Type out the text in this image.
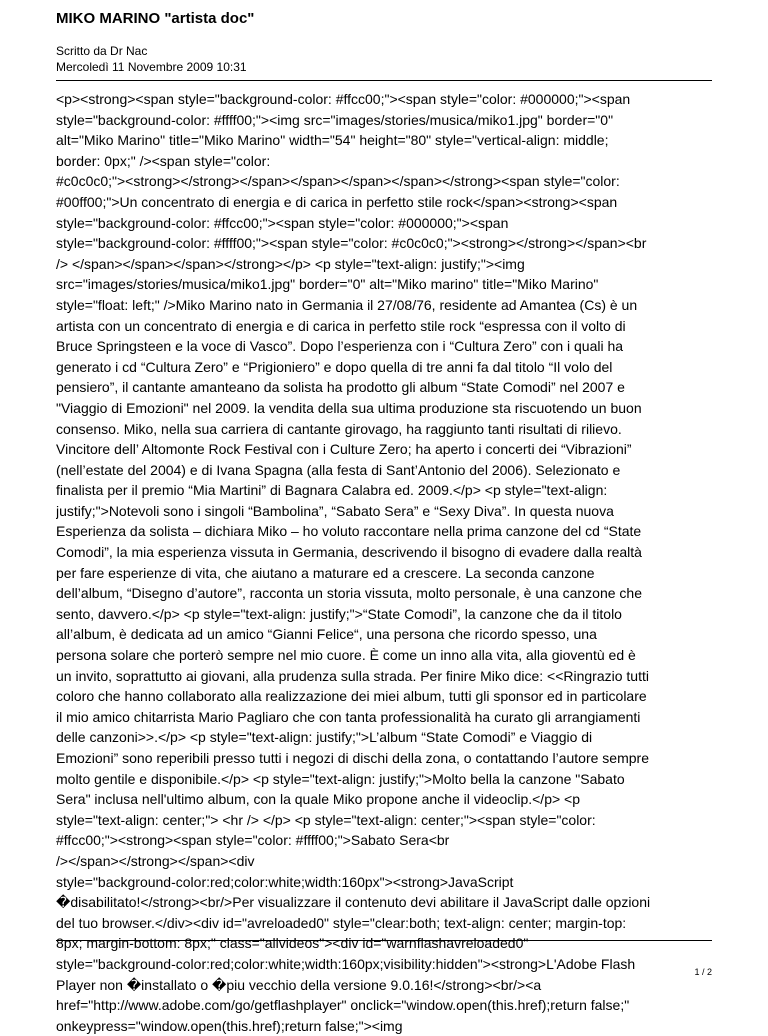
MIKO MARINO "artista doc"
Scritto da Dr Nac
Mercoledì 11 Novembre 2009 10:31
<p><strong><span style="background-color: #ffcc00;"><span style="color: #000000;"><span
style="background-color: #ffff00;"><img src="images/stories/musica/miko1.jpg" border="0"
alt="Miko Marino" title="Miko Marino" width="54" height="80" style="vertical-align: middle;
border: 0px;" /><span style="color:
#c0c0c0;"><strong></strong></span></span></span></span></strong><span style="color:
#00ff00;">Un concentrato di energia e di carica in perfetto stile rock</span><strong><span
style="background-color: #ffcc00;"><span style="color: #000000;"><span
style="background-color: #ffff00;"><span style="color: #c0c0c0;"><strong></strong></span><br
/> </span></span></span></strong></p> <p style="text-align: justify;"><img
src="images/stories/musica/miko1.jpg" border="0" alt="Miko marino" title="Miko Marino"
style="float: left;" />Miko Marino nato in Germania il 27/08/76, residente ad Amantea (Cs) è un
artista con un concentrato di energia e di carica in perfetto stile rock “espressa con il volto di
Bruce Springsteen e la voce di Vasco”. Dopo l’esperienza con i “Cultura Zero” con i quali ha
generato i cd “Cultura Zero” e “Prigioniero” e dopo quella di tre anni fa dal titolo “Il volo del
pensiero”, il cantante amanteano da solista ha prodotto gli album “State Comodi” nel 2007 e
"Viaggio di Emozioni" nel 2009. la vendita della sua ultima produzione sta riscuotendo un buon
consenso. Miko, nella sua carriera di cantante girovago, ha raggiunto tanti risultati di rilievo.
Vincitore dell’ Altomonte Rock Festival con i Culture Zero; ha aperto i concerti dei “Vibrazioni”
(nell’estate del 2004) e di Ivana Spagna (alla festa di Sant’Antonio del 2006). Selezionato e
finalista per il premio “Mia Martini” di Bagnara Calabra ed. 2009.</p> <p style="text-align:
justify;">Notevoli sono i singoli “Bambolina”, “Sabato Sera” e “Sexy Diva”. In questa nuova
Esperienza da solista – dichiara Miko – ho voluto raccontare nella prima canzone del cd “State
Comodi”, la mia esperienza vissuta in Germania, descrivendo il bisogno di evadere dalla realtà
per fare esperienze di vita, che aiutano a maturare ed a crescere. La seconda canzone
dell’album, “Disegno d’autore”, racconta un storia vissuta, molto personale, è una canzone che
sento, davvero.</p> <p style="text-align: justify;">“State Comodi”, la canzone che da il titolo
all’album, è dedicata ad un amico “Gianni Felice“, una persona che ricordo spesso, una
persona solare che porterò sempre nel mio cuore. È come un inno alla vita, alla gioventù ed è
un invito, soprattutto ai giovani, alla prudenza sulla strada. Per finire Miko dice: <<Ringrazio tutti
coloro che hanno collaborato alla realizzazione dei miei album, tutti gli sponsor ed in particolare
il mio amico chitarrista Mario Pagliaro che con tanta professionalità ha curato gli arrangiamenti
delle canzoni>>.</p> <p style="text-align: justify;">L’album “State Comodi” e Viaggio di
Emozioni” sono reperibili presso tutti i negozi di dischi della zona, o contattando l’autore sempre
molto gentile e disponibile.</p> <p style="text-align: justify;">Molto bella la canzone "Sabato
Sera" inclusa nell'ultimo album, con la quale Miko propone anche il videoclip.</p> <p
style="text-align: center;"> <hr /> </p> <p style="text-align: center;"><span style="color:
#ffcc00;"><strong><span style="color: #ffff00;">Sabato Sera<br
/></span></strong></span><div
style="background-color:red;color:white;width:160px"><strong>JavaScript
�disabilitato!</strong><br/>Per visualizzare il contenuto devi abilitare il JavaScript dalle opzioni
del tuo browser.</div><div id="avreloaded0" style="clear:both; text-align: center; margin-top:
8px; margin-bottom: 8px;" class="allvideos"><div id="warnflashavreloaded0"
style="background-color:red;color:white;width:160px;visibility:hidden"><strong>L'Adobe Flash
Player non �installato o �piu vecchio della versione 9.0.16!</strong><br/><a
href="http://www.adobe.com/go/getflashplayer" onclick="window.open(this.href);return false;"
onkeypress="window.open(this.href);return false;"><img
1 / 2
